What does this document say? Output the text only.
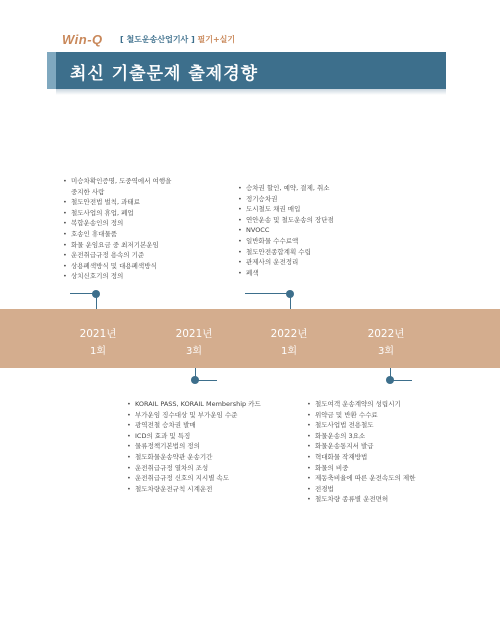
Win-Q [ 철도운송산업기사 ] 필기+실기
최신 기출문제 출제경향
• 미승차확인증명, 도중역에서 여행을
중지한 사람
• 철도안전법 벌칙, 과태료
• 철도사업의 휴업, 폐업
• 복합운송인의 정의
• 호송인 휴대물품
• 화물 운임요금 중 최저기본운임
• 운전취급규정 용속의 기준
• 상용폐색방식 및 대용폐색방식
• 상치신호기의 정의
• 승차권 할인, 예약, 결제, 취소
• 정기승차권
• 도시철도 채권 매입
• 연안운송 및 철도운송의 장단점
• NVOCC
• 일반화물 수수료액
• 철도안전종합계획 수립
• 관제사의 운전정리
• 폐색
2021년
1회
2021년
3회
2022년
1회
2022년
3회
• KORAIL PASS, KORAIL Membership 카드
• 부가운임 징수대상 및 부가운임 수준
• 광역전철 승차권 발매
• ICD의 효과 및 특징
• 물류정책기본법의 정의
• 철도화물운송약관 운송기간
• 운전취급규정 열차의 조성
• 운전취급규정 신호의 지시별 속도
• 철도차량운전규칙 시계운전
• 철도여객 운송계약의 성립시기
• 위약금 및 반환 수수료
• 철도사업법 전용철도
• 화물운송의 3요소
• 화물운송통지서 발급
• 혁대화물 작재방법
• 화물의 비중
• 제동축비율에 따른 운전속도의 제한
• 전경법
• 철도차량 종류별 운전면허
